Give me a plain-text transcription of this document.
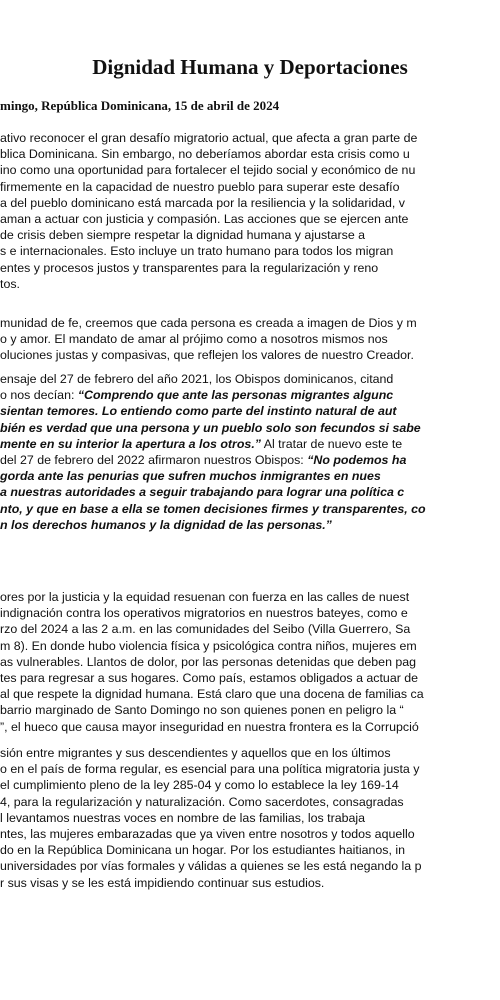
Dignidad Humana y Deportaciones

mingo, República Dominicana, 15 de abril de 2024

ativo reconocer el gran desafío migratorio actual, que afecta a gran parte de
blica Dominicana. Sin embargo, no deberíamos abordar esta crisis como u
ino como una oportunidad para fortalecer el tejido social y económico de nu
firmemente en la capacidad de nuestro pueblo para superar este desafío
a del pueblo dominicano está marcada por la resiliencia y la solidaridad, v
aman a actuar con justicia y compasión. Las acciones que se ejercen ante
de crisis deben siempre respetar la dignidad humana y ajustarse a
s e internacionales. Esto incluye un trato humano para todos los migran
entes y procesos justos y transparentes para la regularización y reno
tos.
munidad de fe, creemos que cada persona es creada a imagen de Dios y m
o y amor. El mandato de amar al prójimo como a nosotros mismos nos
oluciones justas y compasivas, que reflejen los valores de nuestro Creador.
ensaje del 27 de febrero del año 2021, los Obispos dominicanos, citand
o nos decían: “Comprendo que ante las personas migrantes algunc
sientan temores. Lo entiendo como parte del instinto natural de aut
bién es verdad que una persona y un pueblo solo son fecundos si sabe
mente en su interior la apertura a los otros.” Al tratar de nuevo este te
del 27 de febrero del 2022 afirmaron nuestros Obispos: “No podemos ha
gorda ante las penurias que sufren muchos inmigrantes en nues
a nuestras autoridades a seguir trabajando para lograr una política c
nto, y que en base a ella se tomen decisiones firmes y transparentes, co
n los derechos humanos y la dignidad de las personas.”
ores por la justicia y la equidad resuenan con fuerza en las calles de nuest
indignación contra los operativos migratorios en nuestros bateyes, como e
rzo del 2024 a las 2 a.m. en las comunidades del Seibo (Villa Guerrero, Sa
m 8). En donde hubo violencia física y psicológica contra niños, mujeres em
as vulnerables. Llantos de dolor, por las personas detenidas que deben pag
tes para regresar a sus hogares. Como país, estamos obligados a actuar de
al que respete la dignidad humana. Está claro que una docena de familias ca
barrio marginado de Santo Domingo no son quienes ponen en peligro la “
”, el hueco que causa mayor inseguridad en nuestra frontera es la Corrupció
sión entre migrantes y sus descendientes y aquellos que en los últimos
o en el país de forma regular, es esencial para una política migratoria justa y
el cumplimiento pleno de la ley 285-04 y como lo establece la ley 169-14
4, para la regularización y naturalización. Como sacerdotes, consagradas
l levantamos nuestras voces en nombre de las familias, los trabaja
ntes, las mujeres embarazadas que ya viven entre nosotros y todos aquello
do en la República Dominicana un hogar. Por los estudiantes haitianos, in
universidades por vías formales y válidas a quienes se les está negando la p
r sus visas y se les está impidiendo continuar sus estudios.
